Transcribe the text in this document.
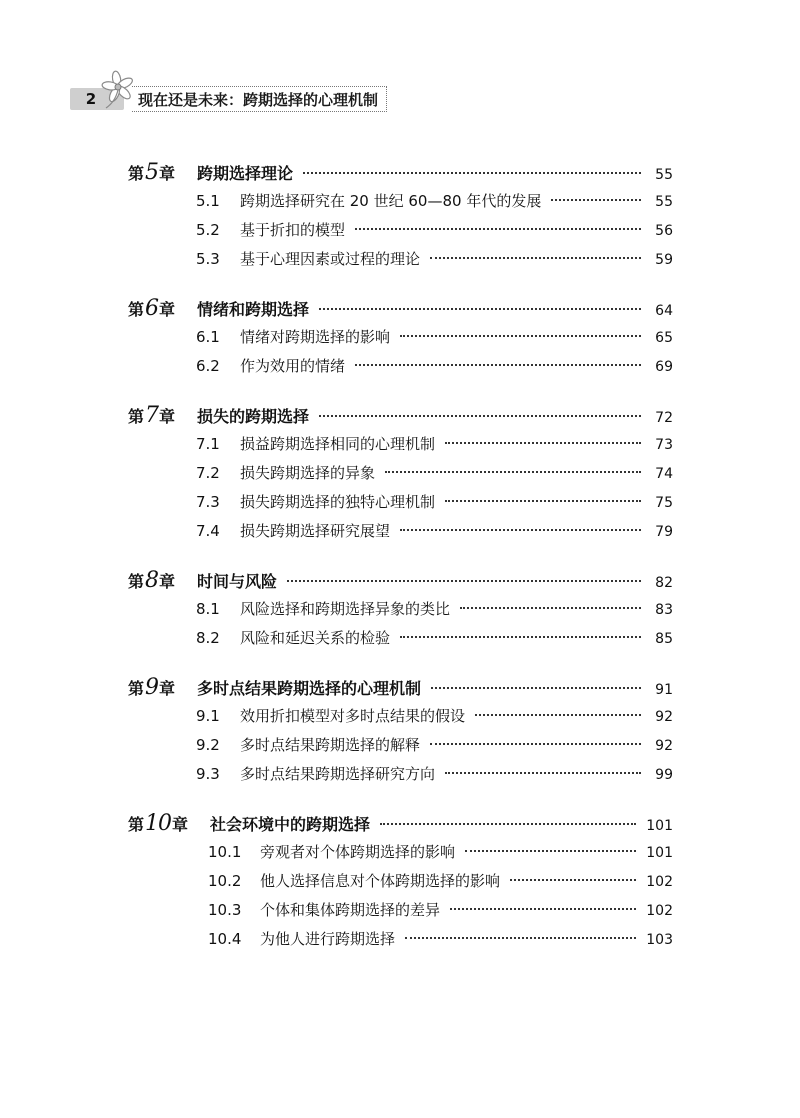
2	现在还是未来：跨期选择的心理机制
第5章 跨期选择理论	55
5.1	跨期选择研究在 20 世纪 60—80 年代的发展	55
5.2	基于折扣的模型	56
5.3	基于心理因素或过程的理论	59
第6章 情绪和跨期选择	64
6.1	情绪对跨期选择的影响	65
6.2	作为效用的情绪	69
第7章 损失的跨期选择	72
7.1	损益跨期选择相同的心理机制	73
7.2	损失跨期选择的异象	74
7.3	损失跨期选择的独特心理机制	75
7.4	损失跨期选择研究展望	79
第8章 时间与风险	82
8.1	风险选择和跨期选择异象的类比	83
8.2	风险和延迟关系的检验	85
第9章 多时点结果跨期选择的心理机制	91
9.1	效用折扣模型对多时点结果的假设	92
9.2	多时点结果跨期选择的解释	92
9.3	多时点结果跨期选择研究方向	99
第10章 社会环境中的跨期选择	101
10.1	旁观者对个体跨期选择的影响	101
10.2	他人选择信息对个体跨期选择的影响	102
10.3	个体和集体跨期选择的差异	102
10.4	为他人进行跨期选择	103
